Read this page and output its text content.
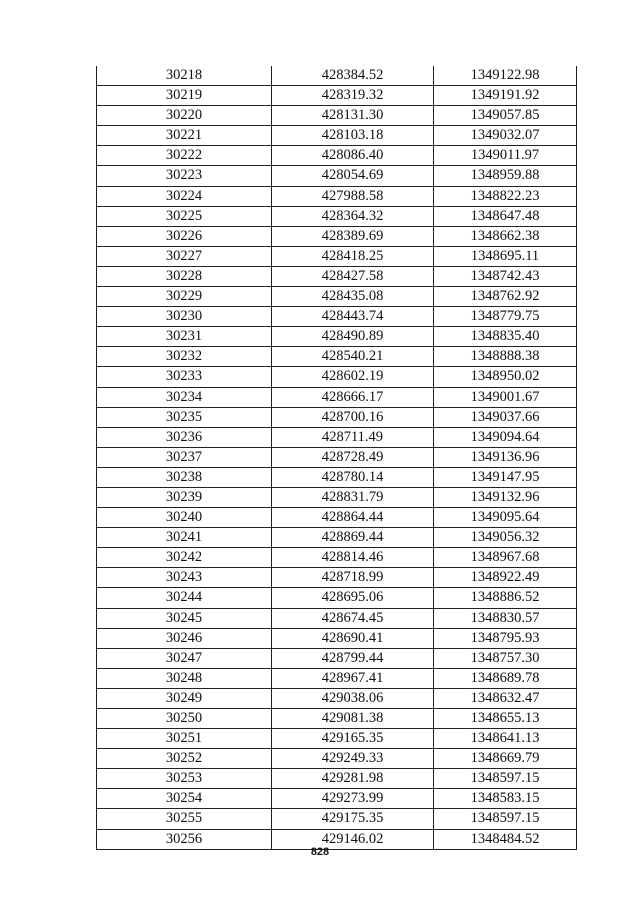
30218	428384.52	1349122.98
30219	428319.32	1349191.92
30220	428131.30	1349057.85
30221	428103.18	1349032.07
30222	428086.40	1349011.97
30223	428054.69	1348959.88
30224	427988.58	1348822.23
30225	428364.32	1348647.48
30226	428389.69	1348662.38
30227	428418.25	1348695.11
30228	428427.58	1348742.43
30229	428435.08	1348762.92
30230	428443.74	1348779.75
30231	428490.89	1348835.40
30232	428540.21	1348888.38
30233	428602.19	1348950.02
30234	428666.17	1349001.67
30235	428700.16	1349037.66
30236	428711.49	1349094.64
30237	428728.49	1349136.96
30238	428780.14	1349147.95
30239	428831.79	1349132.96
30240	428864.44	1349095.64
30241	428869.44	1349056.32
30242	428814.46	1348967.68
30243	428718.99	1348922.49
30244	428695.06	1348886.52
30245	428674.45	1348830.57
30246	428690.41	1348795.93
30247	428799.44	1348757.30
30248	428967.41	1348689.78
30249	429038.06	1348632.47
30250	429081.38	1348655.13
30251	429165.35	1348641.13
30252	429249.33	1348669.79
30253	429281.98	1348597.15
30254	429273.99	1348583.15
30255	429175.35	1348597.15
30256	429146.02	1348484.52
828
